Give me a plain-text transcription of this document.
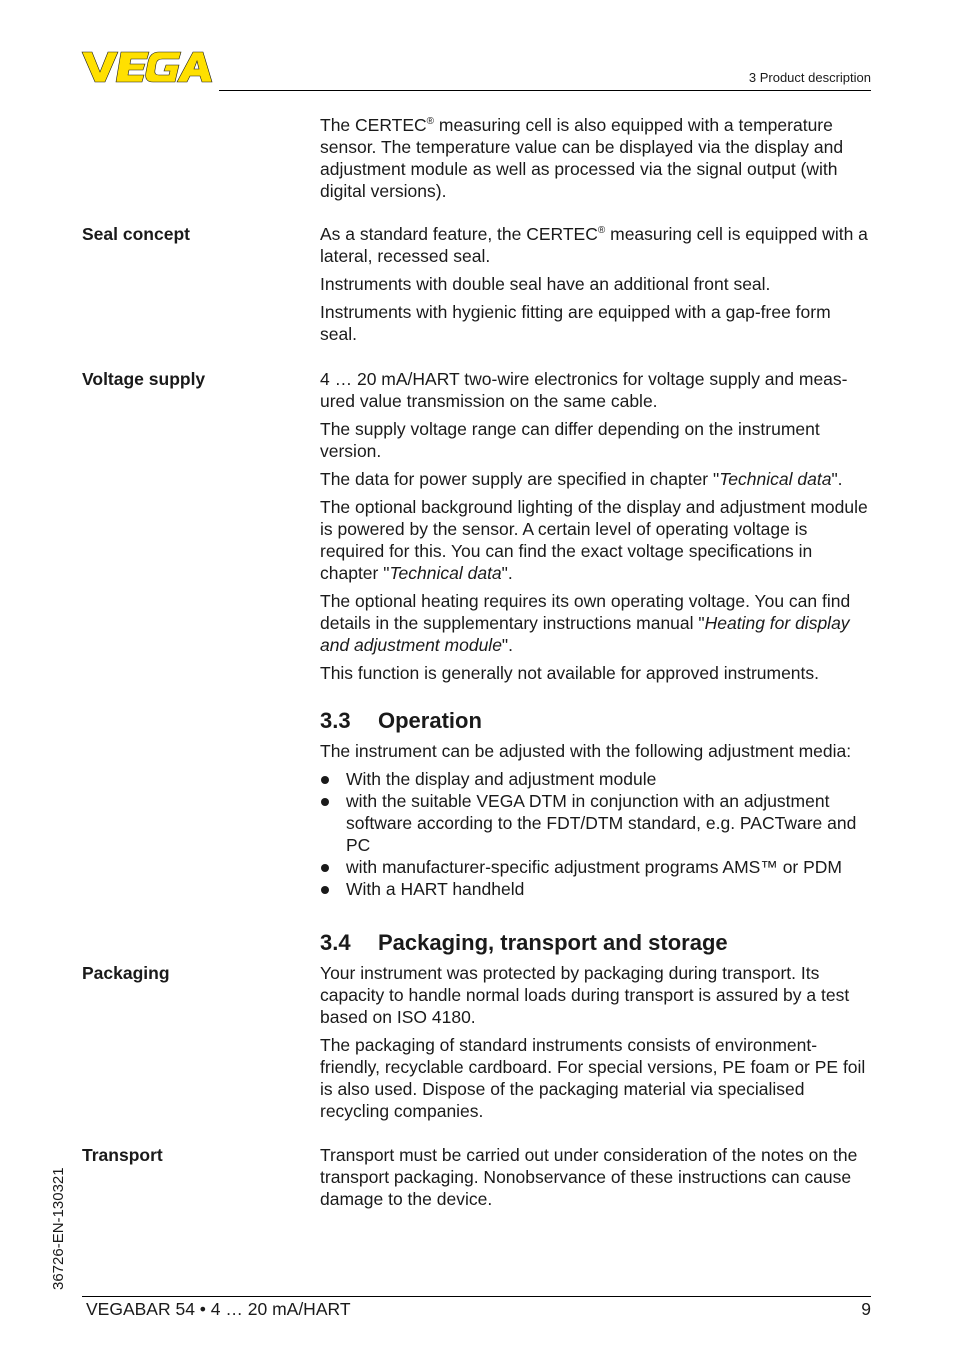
3 Product description

The CERTEC® measuring cell is also equipped with a temperature sensor. The temperature value can be displayed via the display and adjustment module as well as processed via the signal output (with digital versions).

Seal concept	As a standard feature, the CERTEC® measuring cell is equipped with a lateral, recessed seal.

Instruments with double seal have an additional front seal.

Instruments with hygienic fitting are equipped with a gap-free form seal.

Voltage supply	4 … 20 mA/HART two-wire electronics for voltage supply and meas-ured value transmission on the same cable.

The supply voltage range can differ depending on the instrument version.

The data for power supply are specified in chapter "Technical data".

The optional background lighting of the display and adjustment module is powered by the sensor. A certain level of operating voltage is required for this. You can find the exact voltage specifications in chapter "Technical data".

The optional heating requires its own operating voltage. You can find details in the supplementary instructions manual "Heating for display and adjustment module".

This function is generally not available for approved instruments.

3.3 Operation

The instrument can be adjusted with the following adjustment media:

With the display and adjustment module
with the suitable VEGA DTM in conjunction with an adjustment software according to the FDT/DTM standard, e.g. PACTware and PC
with manufacturer-specific adjustment programs AMS™ or PDM
With a HART handheld
3.4 Packaging, transport and storage
Packaging	Your instrument was protected by packaging during transport. Its capacity to handle normal loads during transport is assured by a test based on ISO 4180.

The packaging of standard instruments consists of environment-friendly, recyclable cardboard. For special versions, PE foam or PE foil is also used. Dispose of the packaging material via specialised recycling companies.

Transport	Transport must be carried out under consideration of the notes on the transport packaging. Nonobservance of these instructions can cause damage to the device.

36726-EN-130321
VEGABAR 54 • 4 … 20 mA/HART	9
